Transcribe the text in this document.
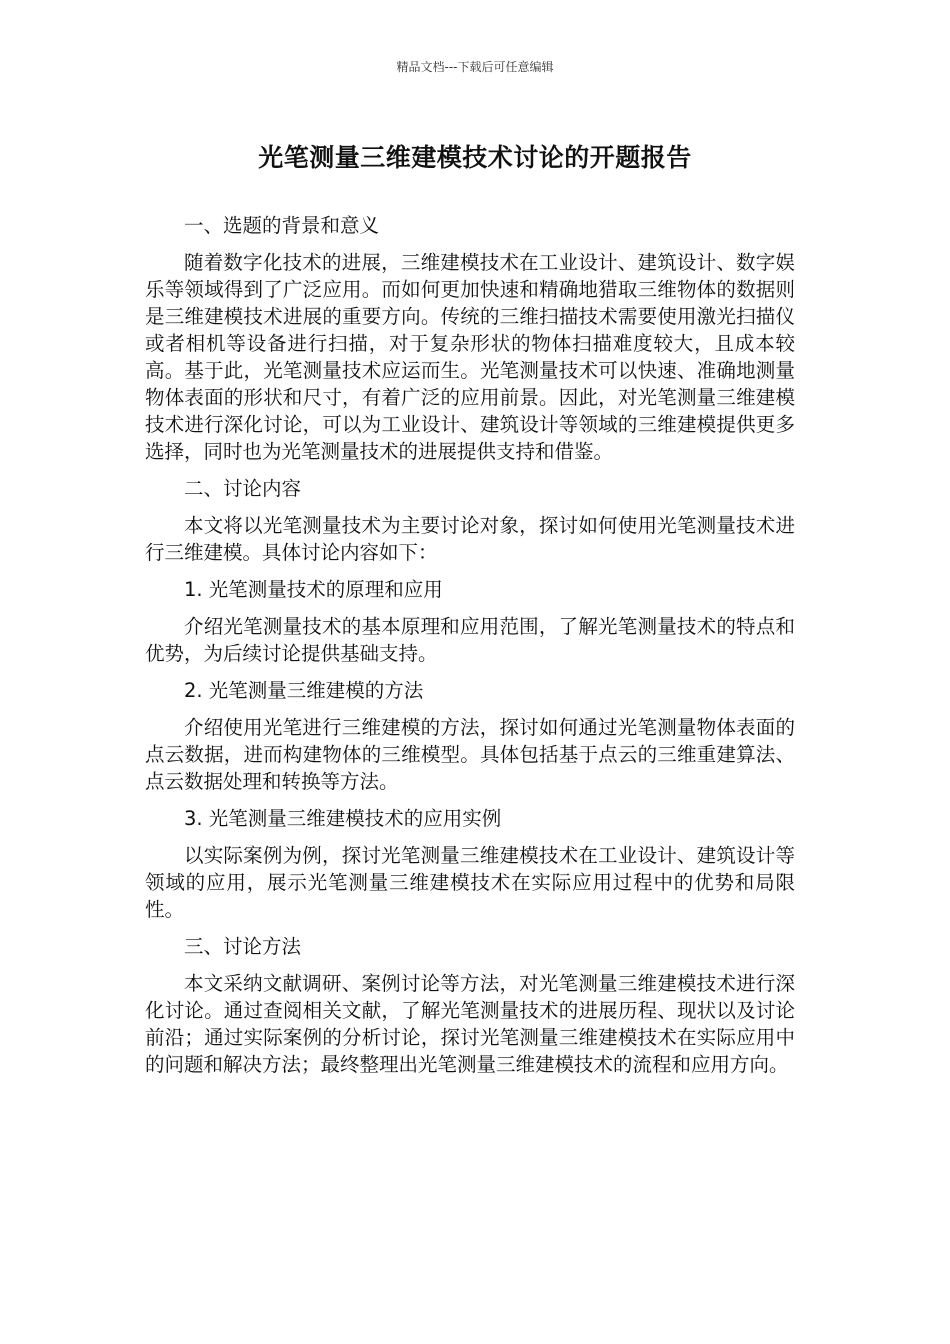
精品文档---下载后可任意编辑
光笔测量三维建模技术讨论的开题报告

一、选题的背景和意义

随着数字化技术的进展，三维建模技术在工业设计、建筑设计、数字娱乐等领域得到了广泛应用。而如何更加快速和精确地猎取三维物体的数据则是三维建模技术进展的重要方向。传统的三维扫描技术需要使用激光扫描仪或者相机等设备进行扫描，对于复杂形状的物体扫描难度较大，且成本较高。基于此，光笔测量技术应运而生。光笔测量技术可以快速、准确地测量物体表面的形状和尺寸，有着广泛的应用前景。因此，对光笔测量三维建模技术进行深化讨论，可以为工业设计、建筑设计等领域的三维建模提供更多选择，同时也为光笔测量技术的进展提供支持和借鉴。

二、讨论内容

本文将以光笔测量技术为主要讨论对象，探讨如何使用光笔测量技术进行三维建模。具体讨论内容如下：

1. 光笔测量技术的原理和应用

介绍光笔测量技术的基本原理和应用范围，了解光笔测量技术的特点和优势，为后续讨论提供基础支持。

2. 光笔测量三维建模的方法

介绍使用光笔进行三维建模的方法，探讨如何通过光笔测量物体表面的点云数据，进而构建物体的三维模型。具体包括基于点云的三维重建算法、点云数据处理和转换等方法。

3. 光笔测量三维建模技术的应用实例

以实际案例为例，探讨光笔测量三维建模技术在工业设计、建筑设计等领域的应用，展示光笔测量三维建模技术在实际应用过程中的优势和局限性。

三、讨论方法

本文采纳文献调研、案例讨论等方法，对光笔测量三维建模技术进行深化讨论。通过查阅相关文献，了解光笔测量技术的进展历程、现状以及讨论前沿；通过实际案例的分析讨论，探讨光笔测量三维建模技术在实际应用中的问题和解决方法；最终整理出光笔测量三维建模技术的流程和应用方向。
